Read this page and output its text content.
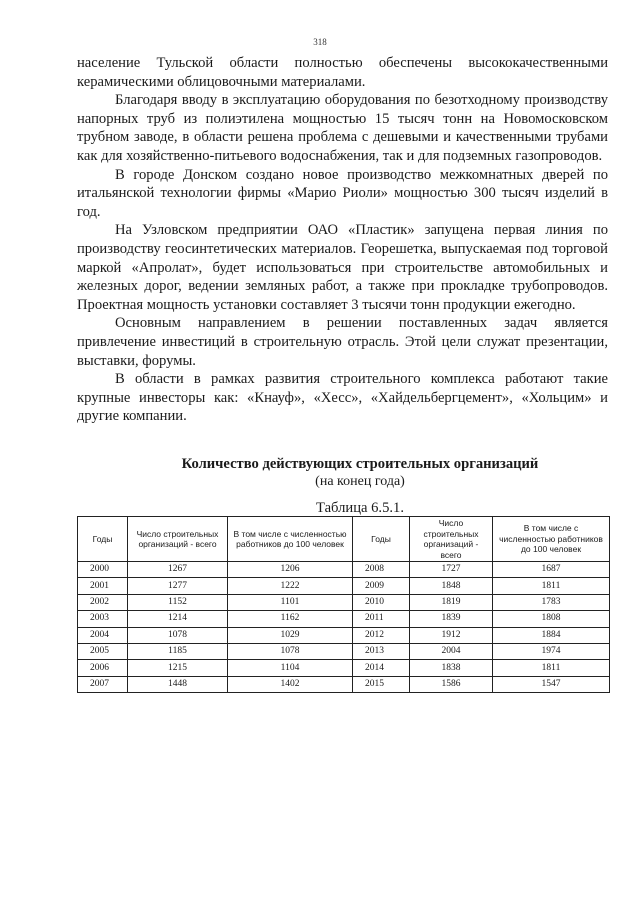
318

население Тульской области полностью обеспечены высококачественными керамическими облицовочными материалами.

Благодаря вводу в эксплуатацию оборудования по безотходному производству напорных труб из полиэтилена мощностью 15 тысяч тонн на Новомосковском трубном заводе, в области решена проблема с дешевыми и качественными трубами как для хозяйственно-питьевого водоснабжения, так и для подземных газопроводов.

В городе Донском создано новое производство межкомнатных дверей по итальянской технологии фирмы «Марио Риоли» мощностью 300 тысяч изделий в год.

На Узловском предприятии ОАО «Пластик» запущена первая линия по производству геосинтетических материалов. Георешетка, выпускаемая под торговой маркой «Апролат», будет использоваться при строительстве автомобильных и железных дорог, ведении земляных работ, а также при прокладке трубопроводов. Проектная мощность установки составляет 3 тысячи тонн продукции ежегодно.

Основным направлением в решении поставленных задач является привлечение инвестиций в строительную отрасль. Этой цели служат презентации, выставки, форумы.

В области в рамках развития строительного комплекса работают такие крупные инвесторы как: «Кнауф», «Хесс», «Хайдельбергцемент», «Хольцим» и другие компании.

Количество действующих строительных организаций
(на конец года)
Таблица 6.5.1.
Годы	Число строительных организаций - всего	В том числе с численностью работников до 100 человек	Годы	Число строительных организаций - всего	В том числе с численностью работников до 100 человек
2000	1267	1206	2008	1727	1687
2001	1277	1222	2009	1848	1811
2002	1152	1101	2010	1819	1783
2003	1214	1162	2011	1839	1808
2004	1078	1029	2012	1912	1884
2005	1185	1078	2013	2004	1974
2006	1215	1104	2014	1838	1811
2007	1448	1402	2015	1586	1547
